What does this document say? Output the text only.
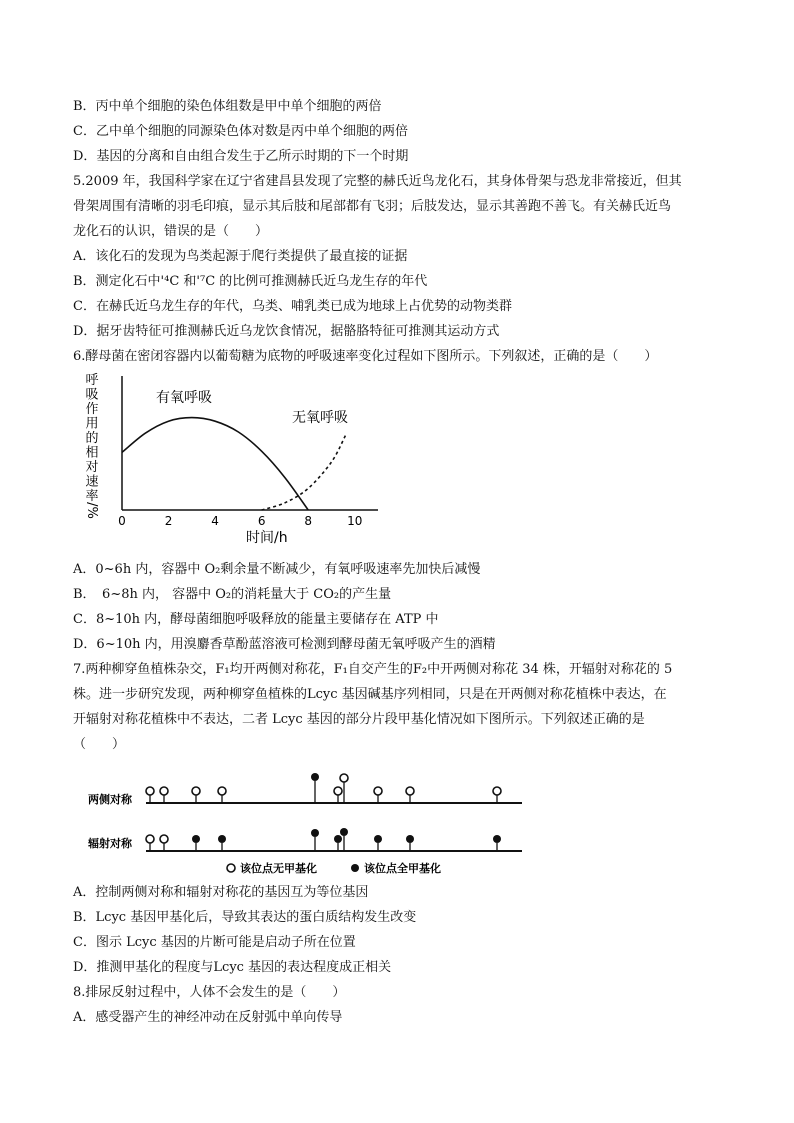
B．丙中单个细胞的染色体组数是甲中单个细胞的两倍
C．乙中单个细胞的同源染色体对数是丙中单个细胞的两倍
D．基因的分离和自由组合发生于乙所示时期的下一个时期
5.2009 年，我国科学家在辽宁省建昌县发现了完整的赫氏近鸟龙化石，其身体骨架与恐龙非常接近，但其
骨架周围有清晰的羽毛印痕，显示其后肢和尾部都有飞羽；后肢发达，显示其善跑不善飞。有关赫氏近鸟
龙化石的认识，错误的是（　　）
A．该化石的发现为鸟类起源于爬行类提供了最直接的证据
B．测定化石中'⁴C 和'⁷C 的比例可推测赫氏近乌龙生存的年代
C．在赫氏近乌龙生存的年代，乌类、哺乳类已成为地球上占优势的动物类群
D．据牙齿特征可推测赫氏近乌龙饮食情况，据骼胳特征可推测其运动方式
6.酵母菌在密闭容器内以葡萄糖为底物的呼吸速率变化过程如下图所示。下列叙述，正确的是（　　）
呼
吸
作
用
的
相
对
速
率
/%
0	2	4	6	8	10
有氧呼吸
无氧呼吸
时间/h
A．0~6h 内，容器中 O₂剩余量不断减少，有氧呼吸速率先加快后减慢
B．　6~8h 内， 容器中 O₂的消耗量大于 CO₂的产生量
C．8~10h 内，酵母菌细胞呼吸释放的能量主要储存在 ATP 中
D．6~10h 内，用溴麝香草酚蓝溶液可检测到酵母菌无氧呼吸产生的酒精
7.两种柳穿鱼植株杂交，F₁均开两侧对称花，F₁自交产生的F₂中开两侧对称花 34 株，开辐射对称花的 5
株。进一步研究发现，两种柳穿鱼植株的Lcyc 基因碱基序列相同，只是在开两侧对称花植株中表达，在
开辐射对称花植株中不表达，二者 Lcyc 基因的部分片段甲基化情况如下图所示。下列叙述正确的是
（　　）
两侧对称
辐射对称
该位点无甲基化	该位点全甲基化
A．控制两侧对称和辐射对称花的基因互为等位基因
B．Lcyc 基因甲基化后，导致其表达的蛋白质结构发生改变
C．图示 Lcyc 基因的片断可能是启动子所在位置
D．推测甲基化的程度与Lcyc 基因的表达程度成正相关
8.排尿反射过程中，人体不会发生的是（　　）
A．感受器产生的神经冲动在反射弧中单向传导
